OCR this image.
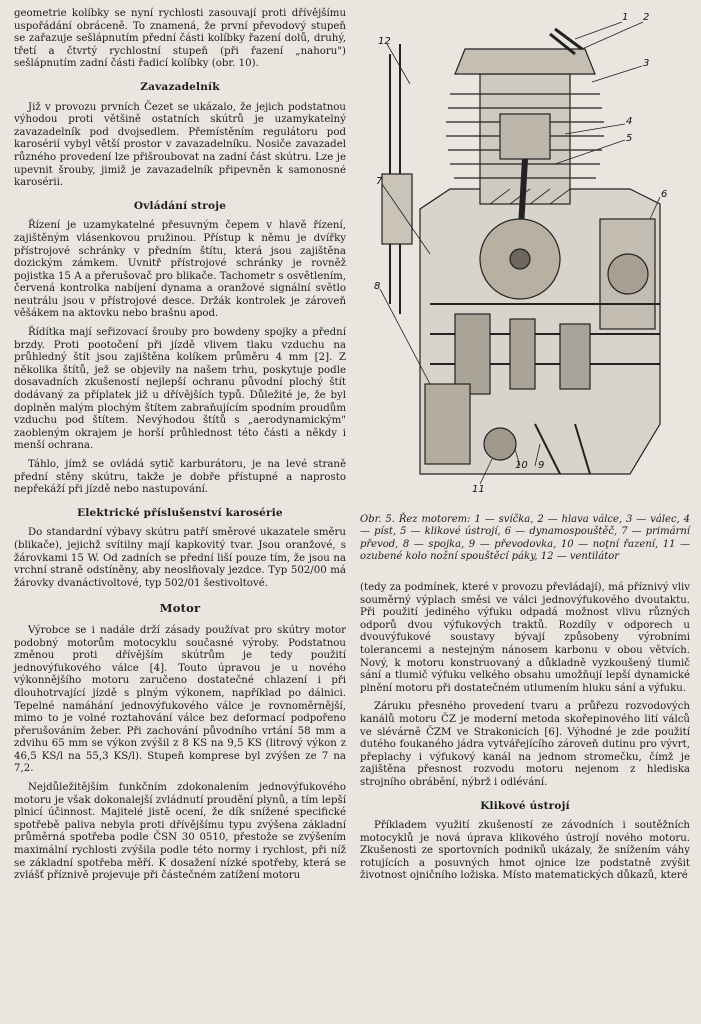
geometrie kolíbky se nyní rychlosti zasouvají proti dřívějšímu uspořádání obráceně. To znamená, že první převodový stupeň se zařazuje sešlápnutím přední části kolíbky řazení dolů, druhý, třetí a čtvrtý rychlostní stupeň (při řazení „nahoru") sešlápnutím zadní části řadicí kolíbky (obr. 10).

Zavazadelník

Již v provozu prvních Čezet se ukázalo, že jejich podstatnou výhodou proti většině ostatních skútrů je uzamykatelný zavazadelník pod dvojsedlem. Přemístěním regulátoru pod karosérií vybyl větší prostor v zavazadelníku. Nosiče zavazadel různého provedení lze přišroubovat na zadní část skútru. Lze je upevnit šrouby, jimiž je zavazadelník připevněn k samonosné karosérii.

Ovládání stroje

Řízení je uzamykatelné přesuvným čepem v hlavě řízení, zajištěným vlásenkovou pružinou. Přístup k němu je dvířky přístrojové schránky v předním štítu, která jsou zajištěna dozickým zámkem. Uvnitř přístrojové schránky je rovněž pojistka 15 A a přerušovač pro blikače. Tachometr s osvětlením, červená kontrolka nabíjení dynama a oranžové signální světlo neutrálu jsou v přístrojové desce. Držák kontrolek je zároveň věšákem na aktovku nebo brašnu apod.

Řídítka mají seřizovací šrouby pro bowdeny spojky a přední brzdy. Proti pootočení při jízdě vlivem tlaku vzduchu na průhledný štít jsou zajištěna kolíkem průměru 4 mm [2]. Z několika štítů, jež se objevily na našem trhu, poskytuje podle dosavadních zkušeností nejlepší ochranu původní plochý štít dodávaný za příplatek již u dřívějších typů. Důležité je, že byl doplněn malým plochým štítem zabraňujícím spodním proudům vzduchu pod štítem. Nevýhodou štítů s „aerodynamickým" zaobleným okrajem je horší průhlednost této části a někdy i menší ochrana.

Táhlo, jímž se ovládá sytič karburátoru, je na levé straně přední stěny skútru, takže je dobře přístupné a naprosto nepřekáží při jízdě nebo nastupování.

Elektrické příslušenství karosérie

Do standardní výbavy skútru patří směrové ukazatele směru (blikače), jejichž svítilny mají kapkovitý tvar. Jsou oranžové, s žárovkami 15 W. Od zadních se přední liší pouze tím, že jsou na vrchní straně odstíněny, aby neoslňovaly jezdce. Typ 502/00 má žárovky dvanáctivoltové, typ 502/01 šestivoltové.

Motor

Výrobce se i nadále drží zásady používat pro skútry motor podobný motorům motocyklu současné výroby. Podstatnou změnou proti dřívějším skútrům je tedy použití jednovýfukového válce [4]. Touto úpravou je u nového výkonnějšího motoru zaručeno dostatečné chlazení i při dlouhotrvající jízdě s plným výkonem, například po dálnici. Tepelné namáhání jednovýfukového válce je rovnoměrnější, mimo to je volné roztahování válce bez deformací podpořeno přerušováním žeber. Při zachování původního vrtání 58 mm a zdvihu 65 mm se výkon zvýšil z 8 KS na 9,5 KS (litrový výkon z 46,5 KS/l na 55,3 KS/l). Stupeň komprese byl zvýšen ze 7 na 7,2.

Nejdůležitějším funkčním zdokonalením jednovýfukového motoru je však dokonalejší zvládnutí proudění plynů, a tím lepší plnicí účinnost. Majitelé jistě ocení, že dík snížené specifické spotřebě paliva nebyla proti dřívějšímu typu zvýšena základní průměrná spotřeba podle ČSN 30 0510, přestože se zvýšením maximální rychlosti zvýšila podle této normy i rychlost, při níž se základní spotřeba měří. K dosažení nízké spotřeby, která se zvlášť příznivě projevuje při částečném zatížení motoru

1 2
3
4
5
6
7
8
9
10
11
12
Obr. 5. Řez motorem: 1 — svíčka, 2 — hlava válce, 3 — válec, 4 — píst, 5 — klikové ústrojí, 6 — dynamospouštěč, 7 — primární převod, 8 — spojka, 9 — převodovka, 10 — noţní řazení, 11 — ozubené kolo nožní spouštěcí páky, 12 — ventilátor

(tedy za podmínek, které v provozu převládají), má příznivý vliv souměrný výplach směsi ve válci jednovýfukového dvoutaktu. Při použití jediného výfuku odpadá možnost vlivu různých odporů dvou výfukových traktů. Rozdíly v odporech u dvouvýfukové soustavy bývají způsobeny výrobními tolerancemi a nestejným nánosem karbonu v obou větvích. Nový, k motoru konstruovaný a důkladně vyzkoušený tlumič sání a tlumič výfuku velkého obsahu umožňují lepší dynamické plnění motoru při dostatečném utlumením hluku sání a výfuku.

Záruku přesného provedení tvaru a průřezu rozvodových kanálů motoru ČZ je moderní metoda skořepinového lití válců ve slévárně ČZM ve Strakonicích [6]. Výhodné je zde použití dutého foukaného jádra vytvářejícího zároveň dutinu pro vývrt, přeplachy i výfukový kanál na jednom stromečku, čímž je zajištěna přesnost rozvodu motoru nejenom z hlediska strojního obrábění, nýbrž i odlévání.

Klikové ústrojí

Příkladem využití zkušeností ze závodních i soutěžních motocyklů je nová úprava klikového ústrojí nového motoru. Zkušenosti ze sportovních podniků ukázaly, že snížením váhy rotujících a posuvných hmot ojnice lze podstatně zvýšit životnost ojničního ložiska. Místo matematických důkazů, které
